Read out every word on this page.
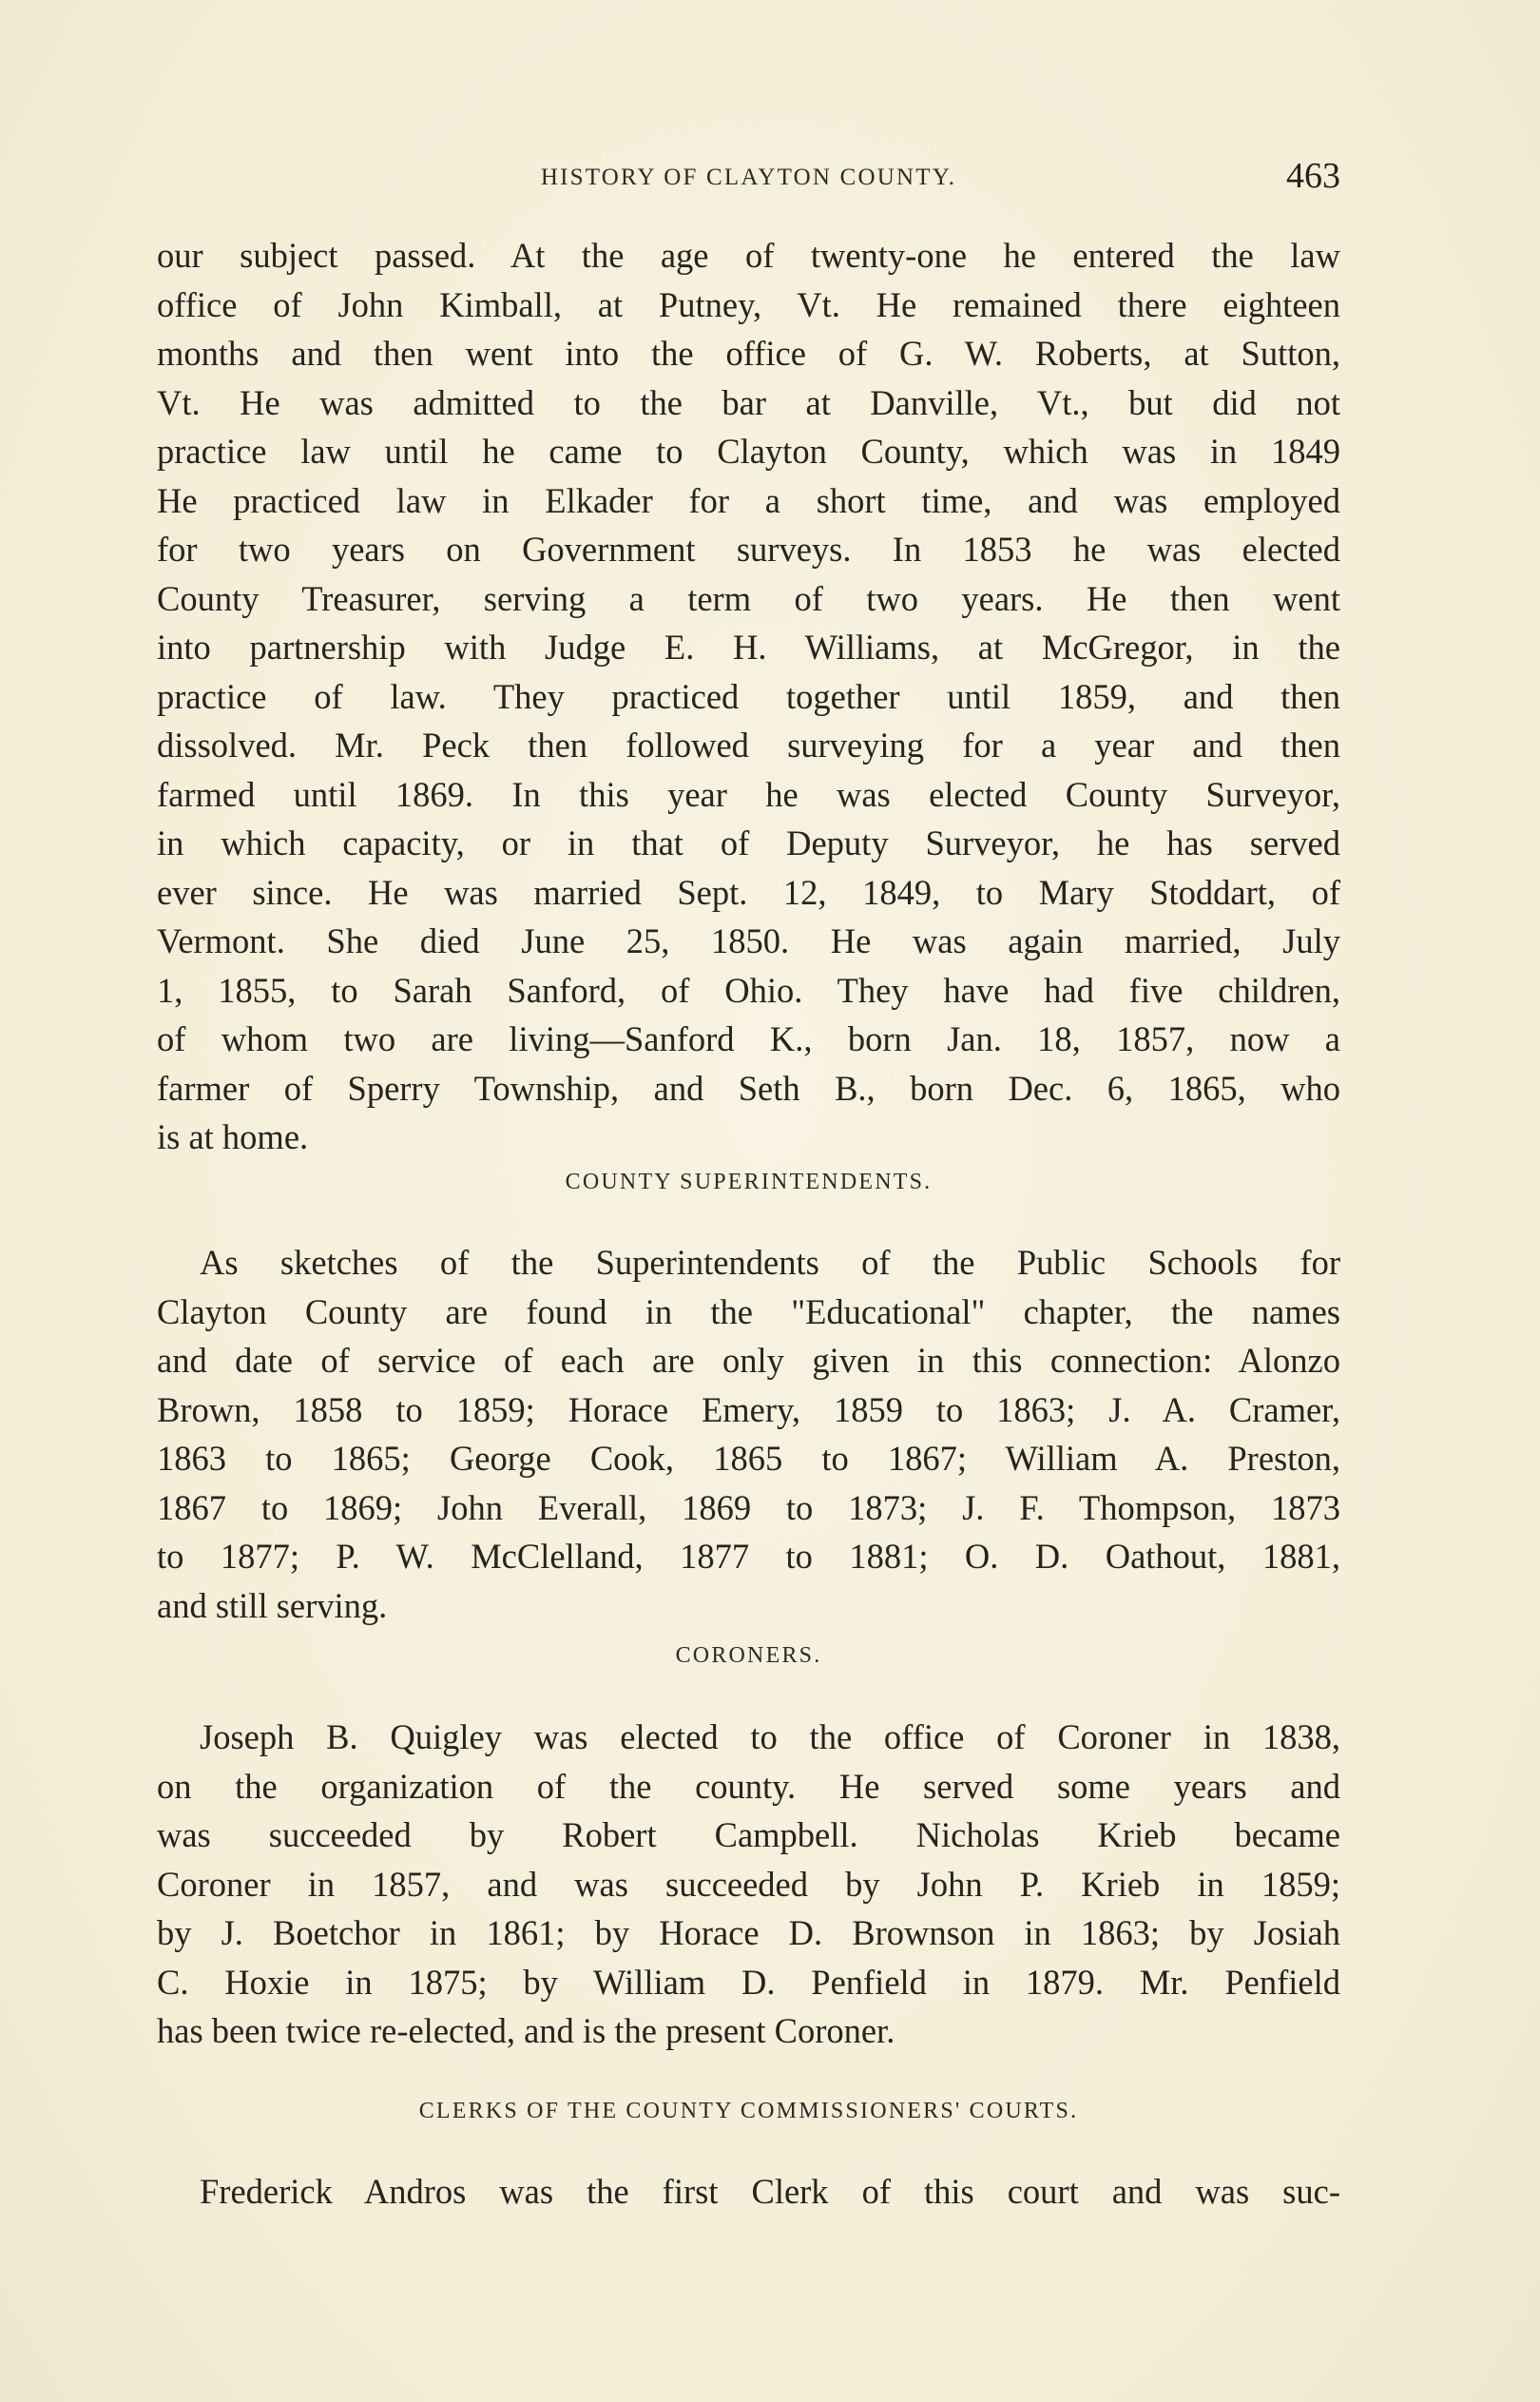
HISTORY OF CLAYTON COUNTY.	463
our subject passed. At the age of twenty-one he entered the law
office of John Kimball, at Putney, Vt. He remained there eighteen
months and then went into the office of G. W. Roberts, at Sutton,
Vt. He was admitted to the bar at Danville, Vt., but did not
practice law until he came to Clayton County, which was in 1849
He practiced law in Elkader for a short time, and was employed
for two years on Government surveys. In 1853 he was elected
County Treasurer, serving a term of two years. He then went
into partnership with Judge E. H. Williams, at McGregor, in the
practice of law. They practiced together until 1859, and then
dissolved. Mr. Peck then followed surveying for a year and then
farmed until 1869. In this year he was elected County Surveyor,
in which capacity, or in that of Deputy Surveyor, he has served
ever since. He was married Sept. 12, 1849, to Mary Stoddart, of
Vermont. She died June 25, 1850. He was again married, July
1, 1855, to Sarah Sanford, of Ohio. They have had five children,
of whom two are living—Sanford K., born Jan. 18, 1857, now a
farmer of Sperry Township, and Seth B., born Dec. 6, 1865, who
is at home.
COUNTY SUPERINTENDENTS.
As sketches of the Superintendents of the Public Schools for
Clayton County are found in the "Educational" chapter, the names
and date of service of each are only given in this connection: Alonzo
Brown, 1858 to 1859; Horace Emery, 1859 to 1863; J. A. Cramer,
1863 to 1865; George Cook, 1865 to 1867; William A. Preston,
1867 to 1869; John Everall, 1869 to 1873; J. F. Thompson, 1873
to 1877; P. W. McClelland, 1877 to 1881; O. D. Oathout, 1881,
and still serving.
CORONERS.
Joseph B. Quigley was elected to the office of Coroner in 1838,
on the organization of the county. He served some years and
was succeeded by Robert Campbell. Nicholas Krieb became
Coroner in 1857, and was succeeded by John P. Krieb in 1859;
by J. Boetchor in 1861; by Horace D. Brownson in 1863; by Josiah
C. Hoxie in 1875; by William D. Penfield in 1879. Mr. Penfield
has been twice re-elected, and is the present Coroner.
CLERKS OF THE COUNTY COMMISSIONERS' COURTS.
Frederick Andros was the first Clerk of this court and was suc-
